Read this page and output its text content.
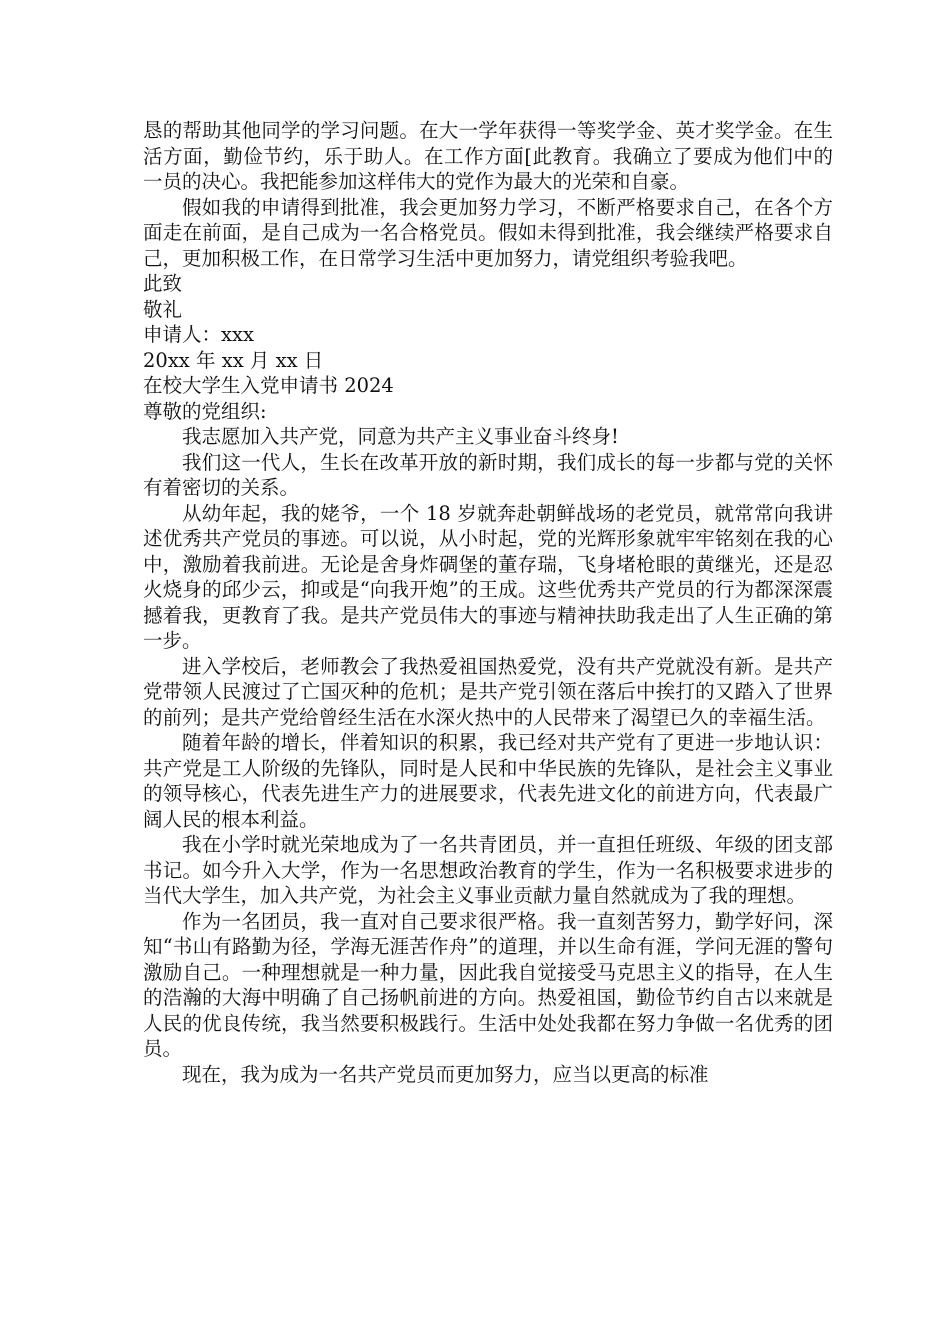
恳的帮助其他同学的学习问题。在大一学年获得一等奖学金、英才奖学金。在生活方面，勤俭节约，乐于助人。在工作方面[此教育。我确立了要成为他们中的一员的决心。我把能参加这样伟大的党作为最大的光荣和自豪。

假如我的申请得到批准，我会更加努力学习，不断严格要求自己，在各个方面走在前面，是自己成为一名合格党员。假如未得到批准，我会继续严格要求自己，更加积极工作，在日常学习生活中更加努力，请党组织考验我吧。

此致

敬礼

申请人：xxx

20xx 年 xx 月 xx 日

在校大学生入党申请书 2024

尊敬的党组织:

我志愿加入共产党，同意为共产主义事业奋斗终身!

我们这一代人，生长在改革开放的新时期，我们成长的每一步都与党的关怀有着密切的关系。

从幼年起，我的姥爷，一个 18 岁就奔赴朝鲜战场的老党员，就常常向我讲述优秀共产党员的事迹。可以说，从小时起，党的光辉形象就牢牢铭刻在我的心中，激励着我前进。无论是舍身炸碉堡的董存瑞，飞身堵枪眼的黄继光，还是忍火烧身的邱少云，抑或是“向我开炮”的王成。这些优秀共产党员的行为都深深震撼着我，更教育了我。是共产党员伟大的事迹与精神扶助我走出了人生正确的第一步。

进入学校后，老师教会了我热爱祖国热爱党，没有共产党就没有新。是共产党带领人民渡过了亡国灭种的危机；是共产党引领在落后中挨打的又踏入了世界的前列；是共产党给曾经生活在水深火热中的人民带来了渴望已久的幸福生活。

随着年龄的增长，伴着知识的积累，我已经对共产党有了更进一步地认识：共产党是工人阶级的先锋队，同时是人民和中华民族的先锋队，是社会主义事业的领导核心，代表先进生产力的进展要求，代表先进文化的前进方向，代表最广阔人民的根本利益。

我在小学时就光荣地成为了一名共青团员，并一直担任班级、年级的团支部书记。如今升入大学，作为一名思想政治教育的学生，作为一名积极要求进步的当代大学生，加入共产党，为社会主义事业贡献力量自然就成为了我的理想。

作为一名团员，我一直对自己要求很严格。我一直刻苦努力，勤学好问，深知“书山有路勤为径，学海无涯苦作舟”的道理，并以生命有涯，学问无涯的警句激励自己。一种理想就是一种力量，因此我自觉接受马克思主义的指导，在人生的浩瀚的大海中明确了自己扬帆前进的方向。热爱祖国，勤俭节约自古以来就是人民的优良传统，我当然要积极践行。生活中处处我都在努力争做一名优秀的团员。

现在，我为成为一名共产党员而更加努力，应当以更高的标准
